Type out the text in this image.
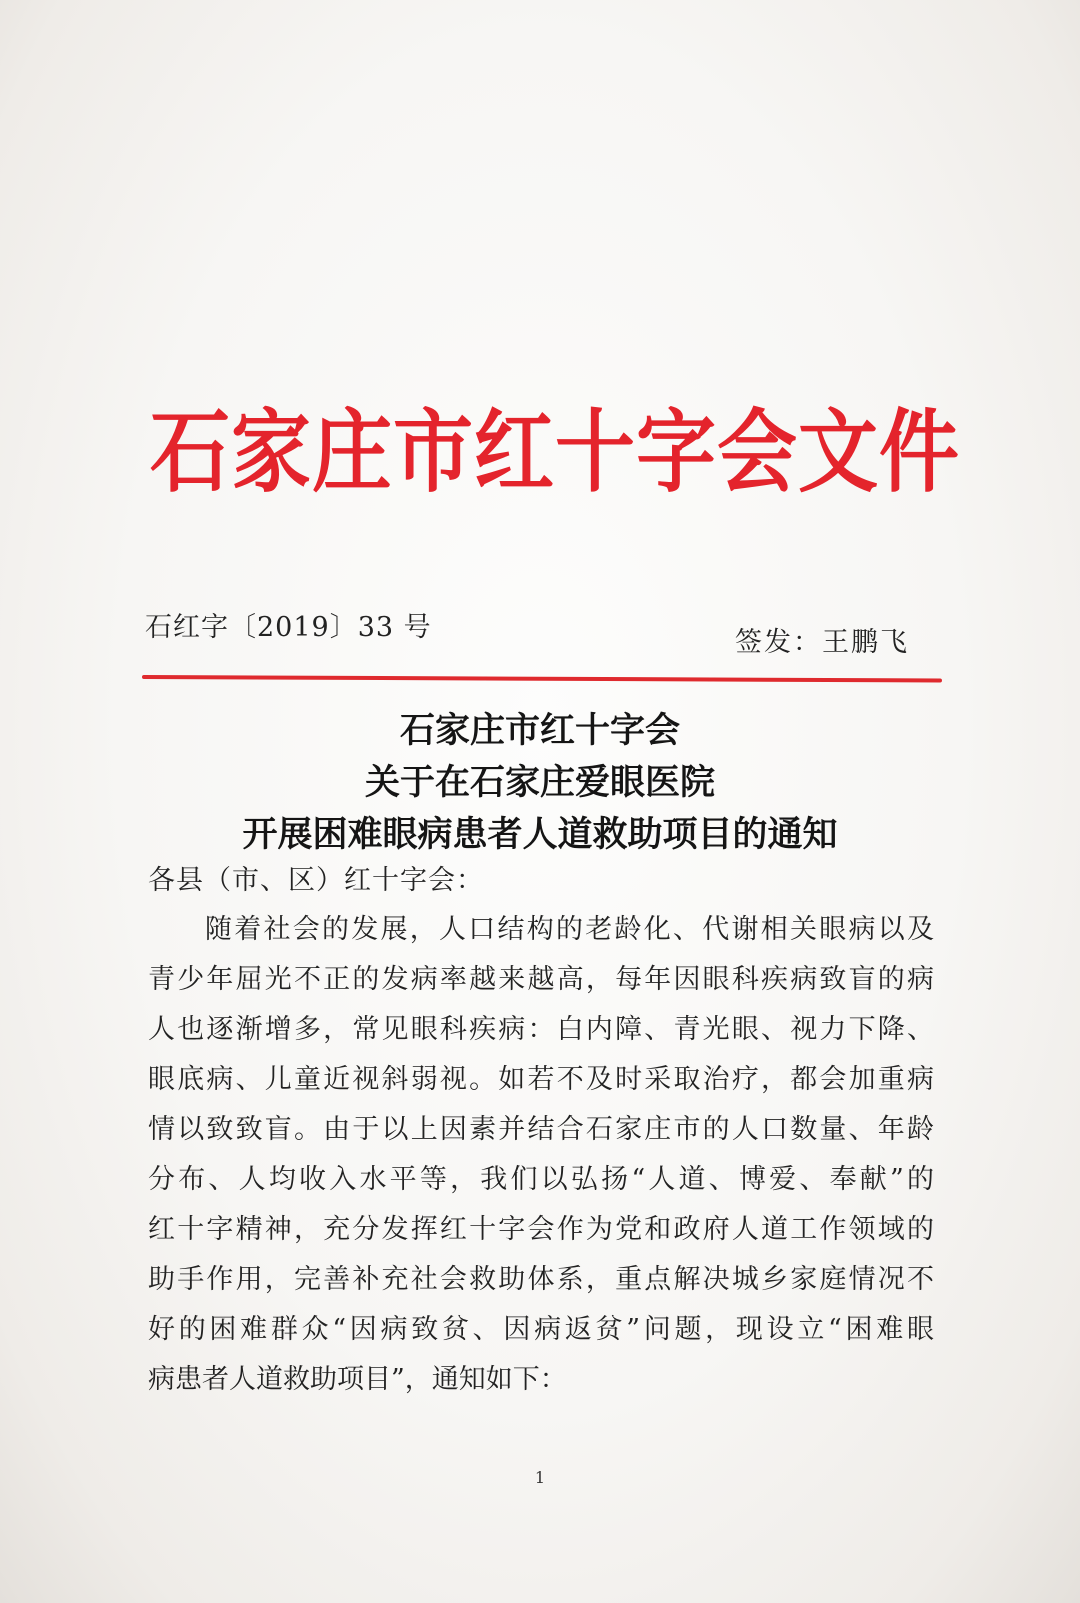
石家庄市红十字会文件
石红字〔2019〕33 号	签发：王鹏飞
石家庄市红十字会
关于在石家庄爱眼医院
开展困难眼病患者人道救助项目的通知
各县（市、区）红十字会：
随着社会的发展，人口结构的老龄化、代谢相关眼病以及
青少年屈光不正的发病率越来越高，每年因眼科疾病致盲的病
人也逐渐增多，常见眼科疾病：白内障、青光眼、视力下降、
眼底病、儿童近视斜弱视。如若不及时采取治疗，都会加重病
情以致致盲。由于以上因素并结合石家庄市的人口数量、年龄
分布、人均收入水平等，我们以弘扬“人道、博爱、奉献”的
红十字精神，充分发挥红十字会作为党和政府人道工作领域的
助手作用，完善补充社会救助体系，重点解决城乡家庭情况不
好的困难群众“因病致贫、因病返贫”问题，现设立“困难眼
病患者人道救助项目”，通知如下：
1
